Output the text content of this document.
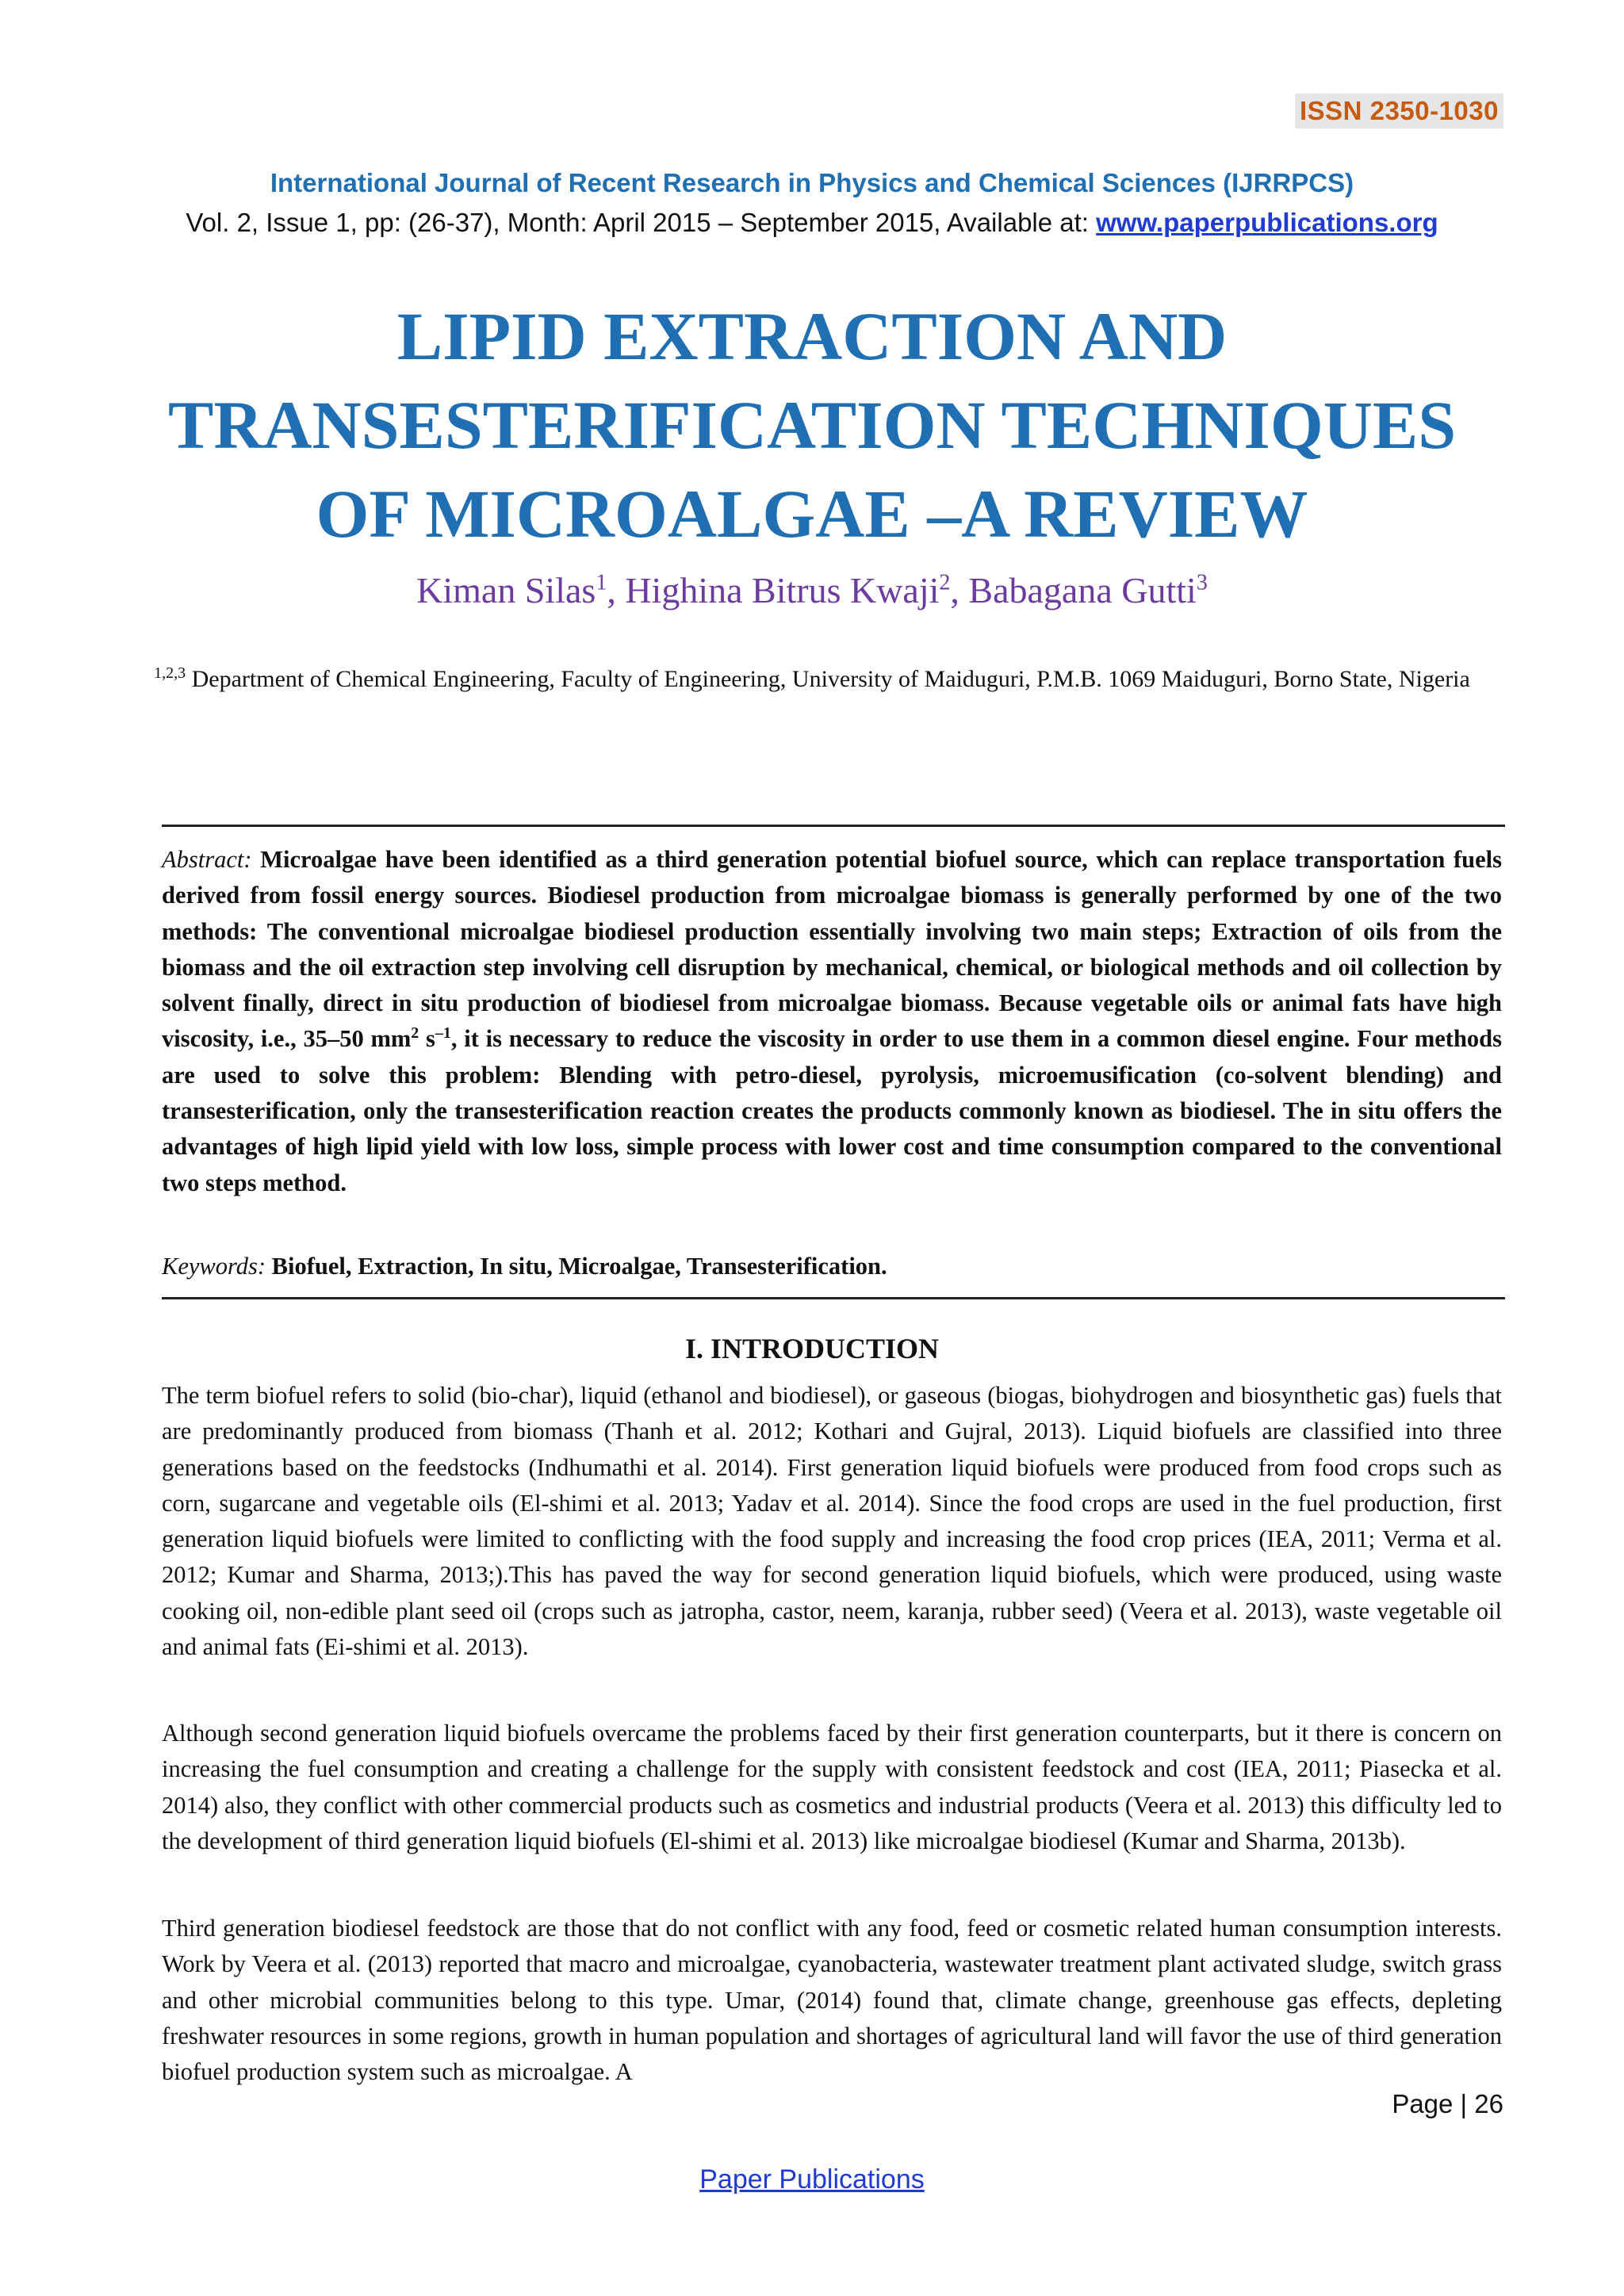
ISSN 2350-1030
International Journal of Recent Research in Physics and Chemical Sciences (IJRRPCS)
Vol. 2, Issue 1, pp: (26-37), Month: April 2015 – September 2015, Available at: www.paperpublications.org
LIPID EXTRACTION AND
TRANSESTERIFICATION TECHNIQUES
OF MICROALGAE –A REVIEW
Kiman Silas$^1$, Highina Bitrus Kwaji$^2$, Babagana Gutti$^3$
$^{1,2,3}$ Department of Chemical Engineering, Faculty of Engineering, University of Maiduguri, P.M.B. 1069 Maiduguri, Borno State, Nigeria
Abstract: Microalgae have been identified as a third generation potential biofuel source, which can replace transportation fuels derived from fossil energy sources. Biodiesel production from microalgae biomass is generally performed by one of the two methods: The conventional microalgae biodiesel production essentially involving two main steps; Extraction of oils from the biomass and the oil extraction step involving cell disruption by mechanical, chemical, or biological methods and oil collection by solvent finally, direct in situ production of biodiesel from microalgae biomass. Because vegetable oils or animal fats have high viscosity, i.e., 35–50 $mm^2$ $s^{-1}$, it is necessary to reduce the viscosity in order to use them in a common diesel engine. Four methods are used to solve this problem: Blending with petro-diesel, pyrolysis, microemusification (co-solvent blending) and transesterification, only the transesterification reaction creates the products commonly known as biodiesel. The in situ offers the advantages of high lipid yield with low loss, simple process with lower cost and time consumption compared to the conventional two steps method.
Keywords: Biofuel, Extraction, In situ, Microalgae, Transesterification.
I. INTRODUCTION

The term biofuel refers to solid (bio-char), liquid (ethanol and biodiesel), or gaseous (biogas, biohydrogen and biosynthetic gas) fuels that are predominantly produced from biomass (Thanh et al. 2012; Kothari and Gujral, 2013). Liquid biofuels are classified into three generations based on the feedstocks (Indhumathi et al. 2014). First generation liquid biofuels were produced from food crops such as corn, sugarcane and vegetable oils (El-shimi et al. 2013; Yadav et al. 2014). Since the food crops are used in the fuel production, first generation liquid biofuels were limited to conflicting with the food supply and increasing the food crop prices (IEA, 2011; Verma et al. 2012; Kumar and Sharma, 2013;).This has paved the way for second generation liquid biofuels, which were produced, using waste cooking oil, non-edible plant seed oil (crops such as jatropha, castor, neem, karanja, rubber seed) (Veera et al. 2013), waste vegetable oil and animal fats (Ei-shimi et al. 2013).

Although second generation liquid biofuels overcame the problems faced by their first generation counterparts, but it there is concern on increasing the fuel consumption and creating a challenge for the supply with consistent feedstock and cost (IEA, 2011; Piasecka et al. 2014) also, they conflict with other commercial products such as cosmetics and industrial products (Veera et al. 2013) this difficulty led to the development of third generation liquid biofuels (El-shimi et al. 2013) like microalgae biodiesel (Kumar and Sharma, 2013b).

Third generation biodiesel feedstock are those that do not conflict with any food, feed or cosmetic related human consumption interests. Work by Veera et al. (2013) reported that macro and microalgae, cyanobacteria, wastewater treatment plant activated sludge, switch grass and other microbial communities belong to this type. Umar, (2014) found that, climate change, greenhouse gas effects, depleting freshwater resources in some regions, growth in human population and shortages of agricultural land will favor the use of third generation biofuel production system such as microalgae. A

Page | 26
Paper Publications
